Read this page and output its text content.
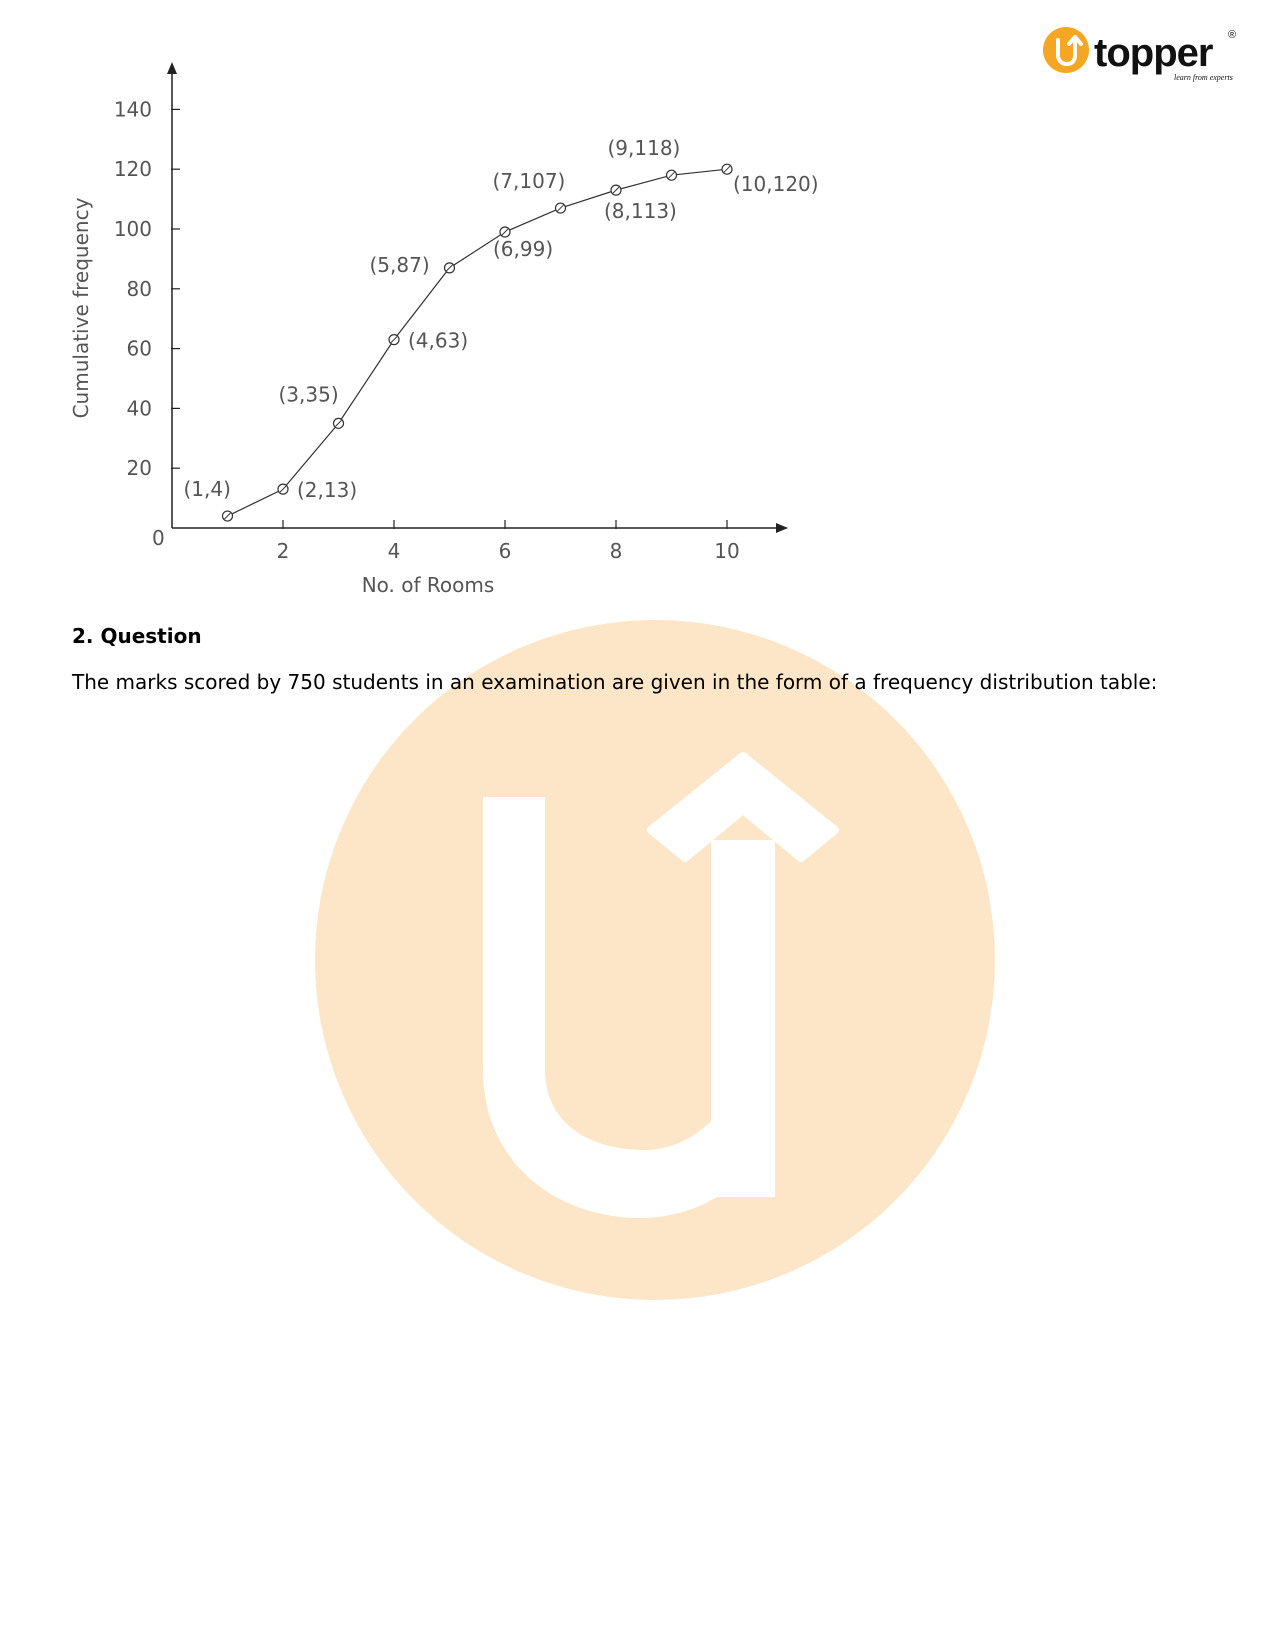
topper ®
learn from experts
20
40
60
80
100
120
140
2	4	6	8	10
0
No. of Rooms
Cumulative frequency
(1,4)	(2,13)
(3,35)
(4,63)
(5,87)
(6,99)
(7,107)
(8,113)
(9,118)
(10,120)

2. Question

The marks scored by 750 students in an examination are given in the form of a frequency distribution table:
